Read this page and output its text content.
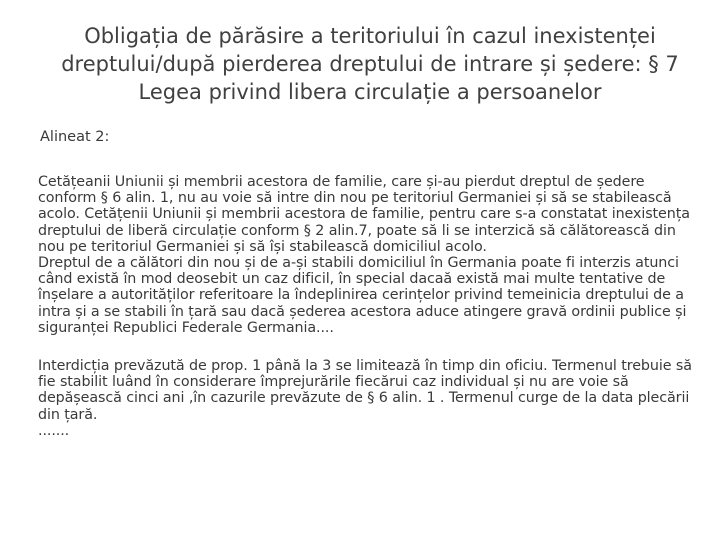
Obligația de părăsire a teritoriului în cazul inexistenței dreptului/după pierderea dreptului de intrare și ședere: § 7 Legea privind libera circulație a persoanelor

Alineat 2:

Cetățeanii Uniunii și membrii acestora de familie, care și-au pierdut dreptul de ședere conform § 6 alin. 1, nu au voie să intre din nou pe teritoriul Germaniei și să se stabilească acolo. Cetățenii Uniunii și membrii acestora de familie, pentru care s-a constatat inexistența dreptului de liberă circulație conform § 2 alin.7, poate să li se interzică să călătorească din nou pe teritoriul Germaniei și să își stabilească domiciliul acolo.

Dreptul de a călători din nou și de a-și stabili domiciliul în Germania poate fi interzis atunci când există în mod deosebit un caz dificil, în special dacaă există mai multe tentative de înșelare a autorităților referitoare la îndeplinirea cerințelor privind temeinicia dreptului de a intra și a se stabili în țară sau dacă șederea acestora aduce atingere gravă ordinii publice și siguranței Republici Federale Germania....

Interdicția prevăzută de prop. 1 până la 3 se limitează în timp din oficiu. Termenul trebuie să fie stabilit luând în considerare împrejurările fiecărui caz individual și nu are voie să depășească cinci ani ,în cazurile prevăzute de § 6 alin. 1 . Termenul curge de la data plecării din țară.

.......
